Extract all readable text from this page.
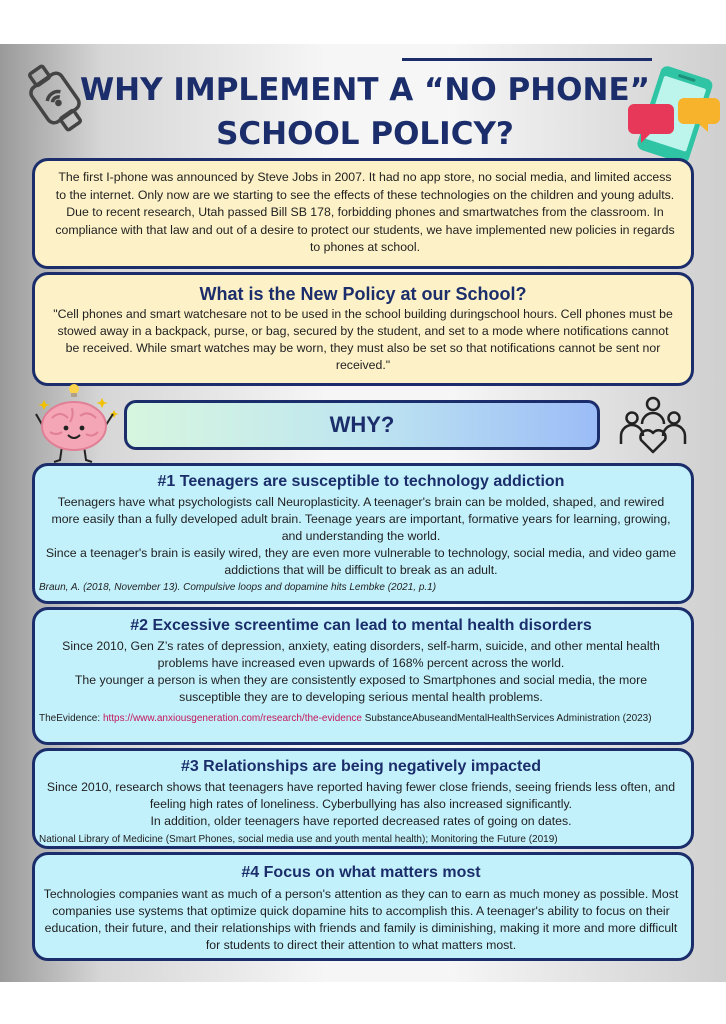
WHY IMPLEMENT A “NO PHONE”
SCHOOL POLICY?

The first I-phone was announced by Steve Jobs in 2007. It had no app store, no social media, and limited access to the internet. Only now are we starting to see the effects of these technologies on the children and young adults. Due to recent research, Utah passed Bill SB 178, forbidding phones and smartwatches from the classroom. In compliance with that law and out of a desire to protect our students, we have implemented new policies in regards to phones at school.

What is the New Policy at our School?

"Cell phones and smart watchesare not to be used in the school building duringschool hours. Cell phones must be stowed away in a backpack, purse, or bag, secured by the student, and set to a mode where notifications cannot be received. While smart watches may be worn, they must also be set so that notifications cannot be sent nor received."

WHY?
#1 Teenagers are susceptible to technology addiction

Teenagers have what psychologists call Neuroplasticity. A teenager's brain can be molded, shaped, and rewired more easily than a fully developed adult brain. Teenage years are important, formative years for learning, growing, and understanding the world.

Since a teenager's brain is easily wired, they are even more vulnerable to technology, social media, and video game addictions that will be difficult to break as an adult.

Braun, A. (2018, November 13). Compulsive loops and dopamine hits Lembke (2021, p.1)

#2 Excessive screentime can lead to mental health disorders

Since 2010, Gen Z’s rates of depression, anxiety, eating disorders, self-harm, suicide, and other mental health problems have increased even upwards of 168% percent across the world.

The younger a person is when they are consistently exposed to Smartphones and social media, the more susceptible they are to developing serious mental health problems.

TheEvidence: https://www.anxiousgeneration.com/research/the-evidence SubstanceAbuseandMentalHealthServices Administration (2023)

#3 Relationships are being negatively impacted

Since 2010, research shows that teenagers have reported having fewer close friends, seeing friends less often, and feeling high rates of loneliness. Cyberbullying has also increased significantly.

In addition, older teenagers have reported decreased rates of going on dates.

National Library of Medicine (Smart Phones, social media use and youth mental health); Monitoring the Future (2019)

#4 Focus on what matters most

Technologies companies want as much of a person's attention as they can to earn as much money as possible. Most companies use systems that optimize quick dopamine hits to accomplish this. A teenager's ability to focus on their education, their future, and their relationships with friends and family is diminishing, making it more and more difficult for students to direct their attention to what matters most.
